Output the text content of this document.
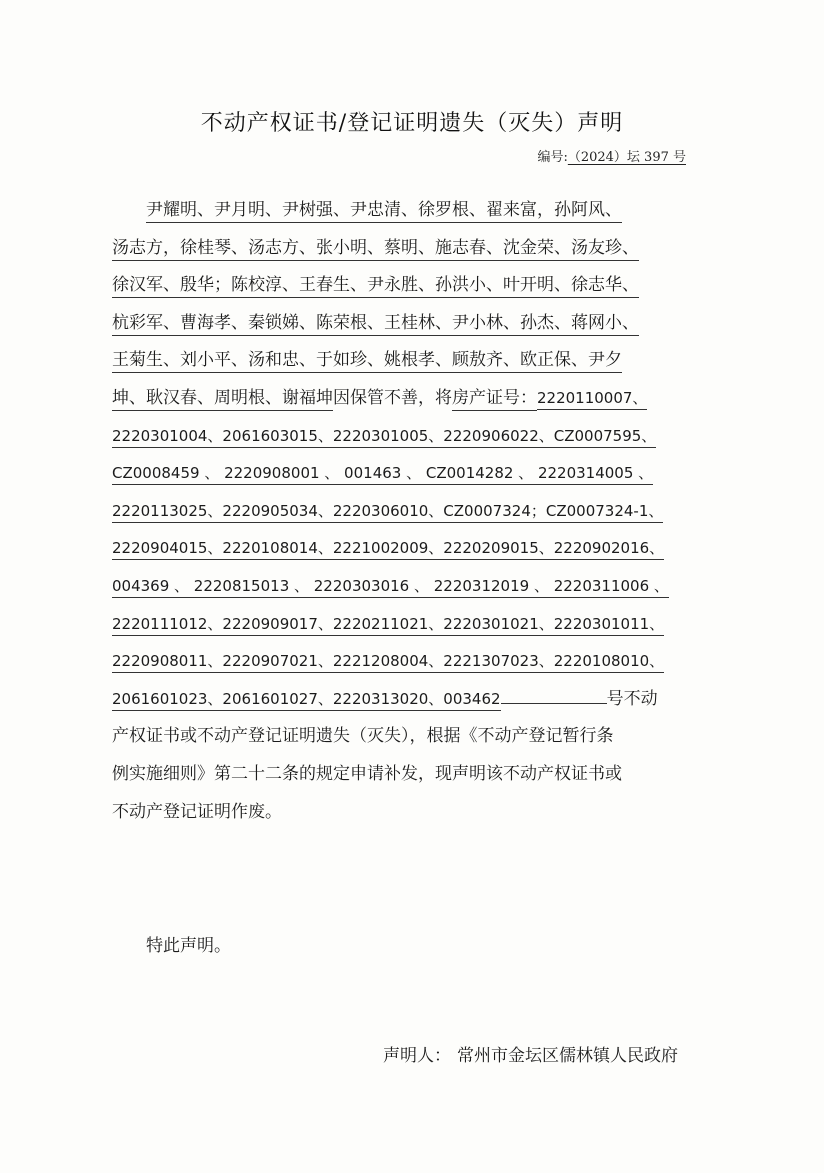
不动产权证书/登记证明遗失（灭失）声明
编号:（2024）坛 397 号
尹耀明、尹月明、尹树强、尹忠清、徐罗根、翟来富，孙阿风、
汤志方，徐桂琴、汤志方、张小明、蔡明、施志春、沈金荣、汤友珍、
徐汉军、殷华；陈校淳、王春生、尹永胜、孙洪小、叶开明、徐志华、
杭彩军、曹海孝、秦锁娣、陈荣根、王桂林、尹小林、孙杰、蒋网小、
王菊生、刘小平、汤和忠、于如珍、姚根孝、顾敖齐、欧正保、尹夕
坤、耿汉春、周明根、谢福坤因保管不善，将房产证号：2220110007、
2220301004、2061603015、2220301005、2220906022、CZ0007595、
CZ0008459 、 2220908001 、 001463 、 CZ0014282 、 2220314005 、
2220113025、2220905034、2220306010、CZ0007324；CZ0007324-1、
2220904015、2220108014、2221002009、2220209015、2220902016、
004369 、 2220815013 、 2220303016 、 2220312019 、 2220311006 、
2220111012、2220909017、2220211021、2220301021、2220301011、
2220908011、2220907021、2221208004、2221307023、2220108010、
2061601023、2061601027、2220313020、003462	号不动
产权证书或不动产登记证明遗失（灭失），根据《不动产登记暂行条
例实施细则》第二十二条的规定申请补发，现声明该不动产权证书或
不动产登记证明作废。
特此声明。
声明人： 常州市金坛区儒林镇人民政府
